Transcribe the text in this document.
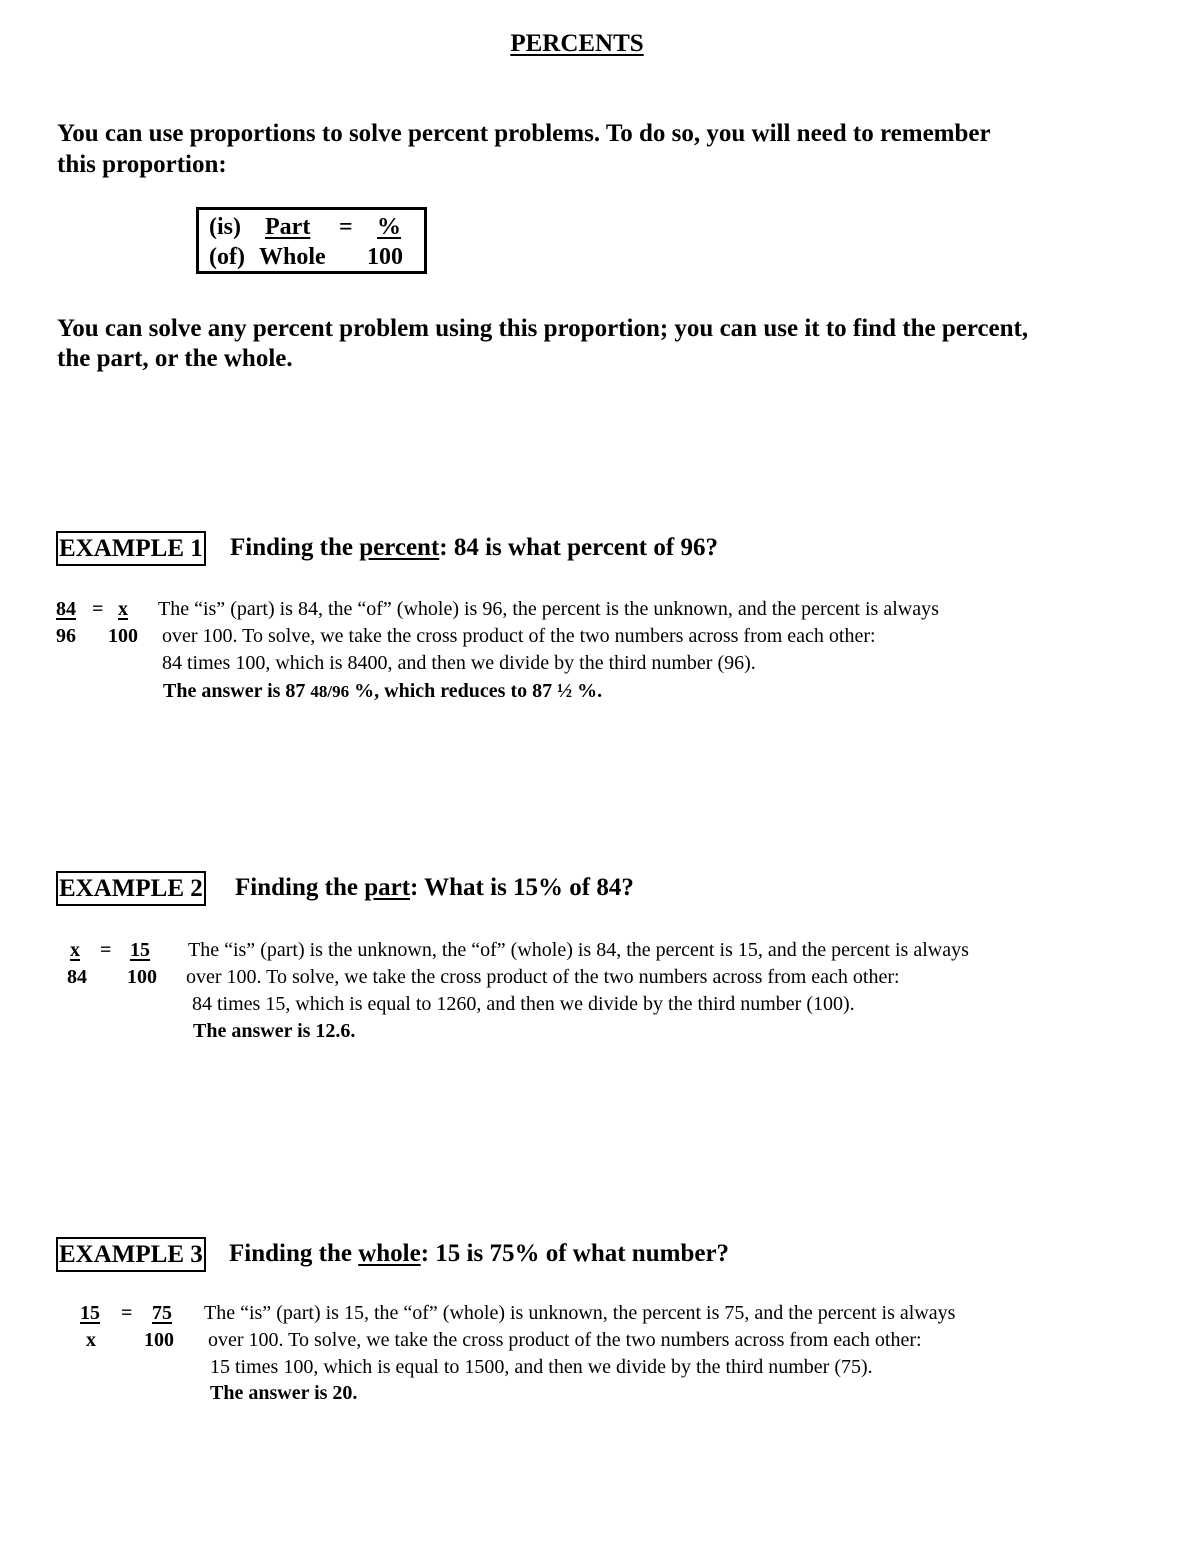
PERCENTS
You can use proportions to solve percent problems. To do so, you will need to remember
this proportion:
(is) Part = %
(of) Whole 100
You can solve any percent problem using this proportion; you can use it to find the percent,
the part, or the whole.
EXAMPLE 1 Finding the percent: 84 is what percent of 96?
84 = x
96 100
The “is” (part) is 84, the “of” (whole) is 96, the percent is the unknown, and the percent is always
over 100. To solve, we take the cross product of the two numbers across from each other:
84 times 100, which is 8400, and then we divide by the third number (96).
The answer is 87 48/96 %, which reduces to 87 ½ %.
EXAMPLE 2 Finding the part: What is 15% of 84?
x = 15
84 100
The “is” (part) is the unknown, the “of” (whole) is 84, the percent is 15, and the percent is always
over 100. To solve, we take the cross product of the two numbers across from each other:
84 times 15, which is equal to 1260, and then we divide by the third number (100).
The answer is 12.6.
EXAMPLE 3 Finding the whole: 15 is 75% of what number?
15 = 75
x 100
The “is” (part) is 15, the “of” (whole) is unknown, the percent is 75, and the percent is always
over 100. To solve, we take the cross product of the two numbers across from each other:
15 times 100, which is equal to 1500, and then we divide by the third number (75).
The answer is 20.
